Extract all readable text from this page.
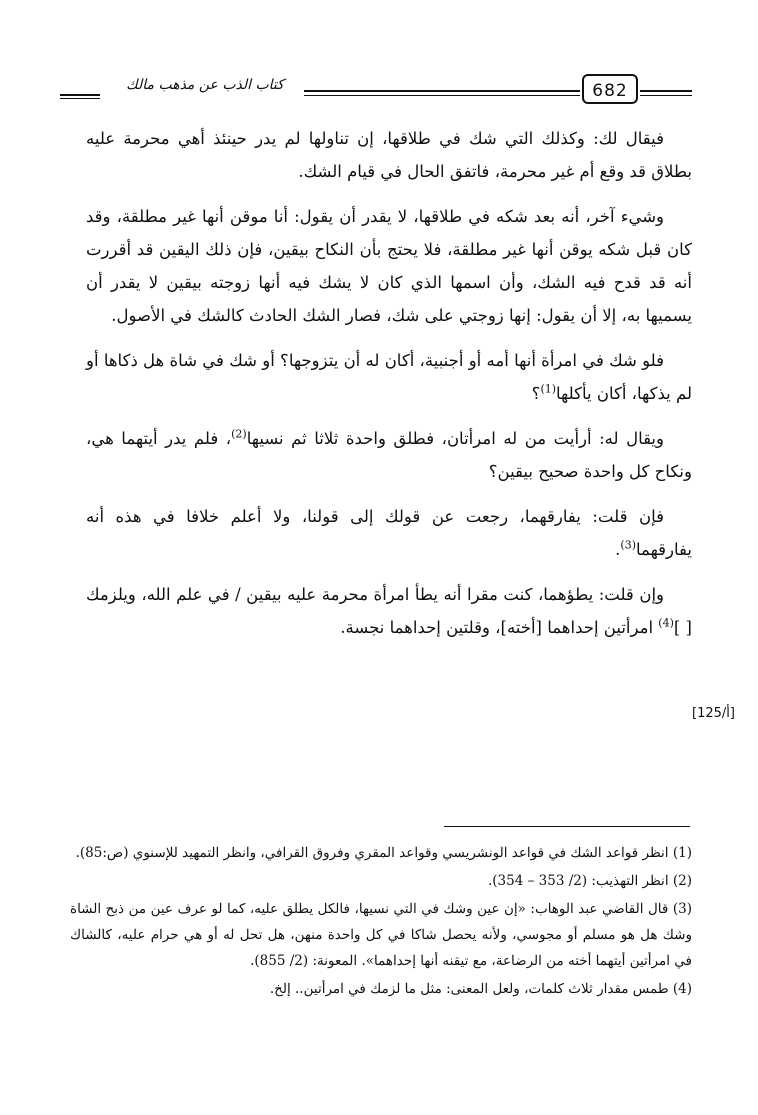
كتاب الذب عن مذهب مالك	682

فيقال لك: وكذلك التي شك في طلاقها، إن تناولها لم يدر حينئذ أهي محرمة عليه بطلاق قد وقع أم غير محرمة، فاتفق الحال في قيام الشك.

وشيء آخر، أنه بعد شكه في طلاقها، لا يقدر أن يقول: أنا موقن أنها غير مطلقة، وقد كان قبل شكه يوقن أنها غير مطلقة، فلا يحتج بأن النكاح بيقين، فإن ذلك اليقين قد أقررت أنه قد قدح فيه الشك، وأن اسمها الذي كان لا يشك فيه أنها زوجته بيقين لا يقدر أن يسميها به، إلا أن يقول: إنها زوجتي على شك، فصار الشك الحادث كالشك في الأصول.

فلو شك في امرأة أنها أمه أو أجنبية، أكان له أن يتزوجها؟ أو شك في شاة هل ذكاها أو لم يذكها، أكان يأكلها$^{(1)}$؟

ويقال له: أرأيت من له امرأتان، فطلق واحدة ثلاثا ثم نسيها$^{(2)}$، فلم يدر أيتهما هي، ونكاح كل واحدة صحيح بيقين؟

فإن قلت: يفارقهما، رجعت عن قولك إلى قولنا، ولا أعلم خلافا في هذه أنه يفارقهما$^{(3)}$.

وإن قلت: يطؤهما، كنت مقرا أنه يطأ امرأة محرمة عليه بيقين / في علم الله، ويلزمك [ ]$^{(4)}$ امرأتين إحداهما [أخته]، وقلتين إحداهما نجسة.

[125/أ]
(1) انظر قواعد الشك في قواعد الونشريسي وقواعد المقري وفروق القرافي، وانظر التمهيد للإسنوي (ص:85).
(2) انظر التهذيب: (2/ 353 – 354).
(3) قال القاضي عبد الوهاب: «إن عين وشك في التي نسيها، فالكل يطلق عليه، كما لو عرف عين من ذبح الشاة وشك هل هو مسلم أو مجوسي، ولأنه يحصل شاكا في كل واحدة منهن، هل تحل له أو هي حرام عليه، كالشاك في امرأتين أيتهما أخته من الرضاعة، مع تيقنه أنها إحداهما». المعونة: (2/ 855).
(4) طمس مقدار ثلاث كلمات، ولعل المعنى: مثل ما لزمك في امرأتين.. إلخ.
